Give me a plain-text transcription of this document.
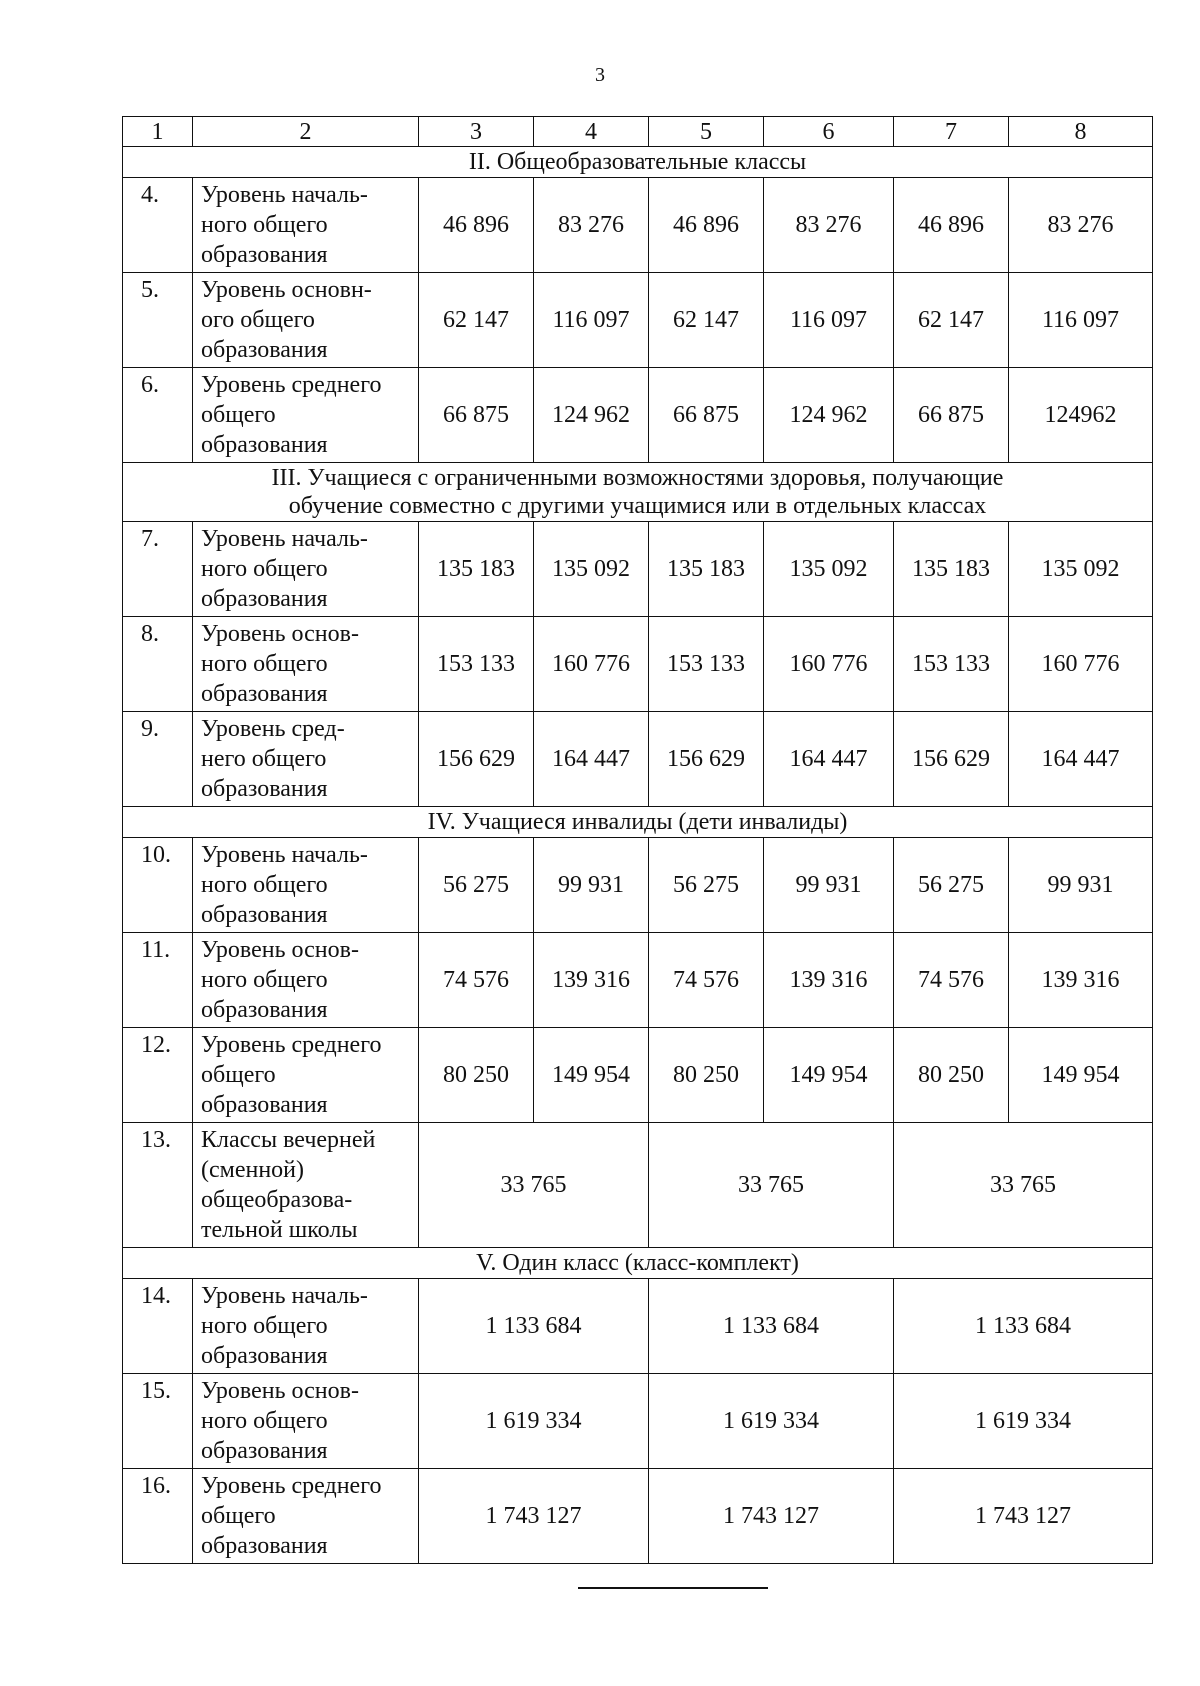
3
1	2	3	4	5	6	7	8
II. Общеобразовательные классы							
4.	Уровень началь-
ного общего
образования	46 896	83 276	46 896	83 276	46 896	83 276
5.	Уровень основн-
ого общего
образования	62 147	116 097	62 147	116 097	62 147	116 097
6.	Уровень среднего
общего
образования	66 875	124 962	66 875	124 962	66 875	124962
III. Учащиеся с ограниченными возможностями здоровья, получающие обучение совместно с другими учащимися или в отдельных классах							
7.	Уровень началь-
ного общего
образования	135 183	135 092	135 183	135 092	135 183	135 092
8.	Уровень основ-
ного общего
образования	153 133	160 776	153 133	160 776	153 133	160 776
9.	Уровень сред-
него общего
образования	156 629	164 447	156 629	164 447	156 629	164 447
IV. Учащиеся инвалиды (дети инвалиды)							
10.	Уровень началь-
ного общего
образования	56 275	99 931	56 275	99 931	56 275	99 931
11.	Уровень основ-
ного общего
образования	74 576	139 316	74 576	139 316	74 576	139 316
12.	Уровень среднего
общего
образования	80 250	149 954	80 250	149 954	80 250	149 954
13.	Классы вечерней
(сменной)
общеобразова-
тельной школы	33 765		33 765		33 765	
V. Один класс (класс-комплект)							
14.	Уровень началь-
ного общего
образования	1 133 684		1 133 684		1 133 684	
15.	Уровень основ-
ного общего
образования	1 619 334		1 619 334		1 619 334	
16.	Уровень среднего
общего
образования	1 743 127		1 743 127		1 743 127	
